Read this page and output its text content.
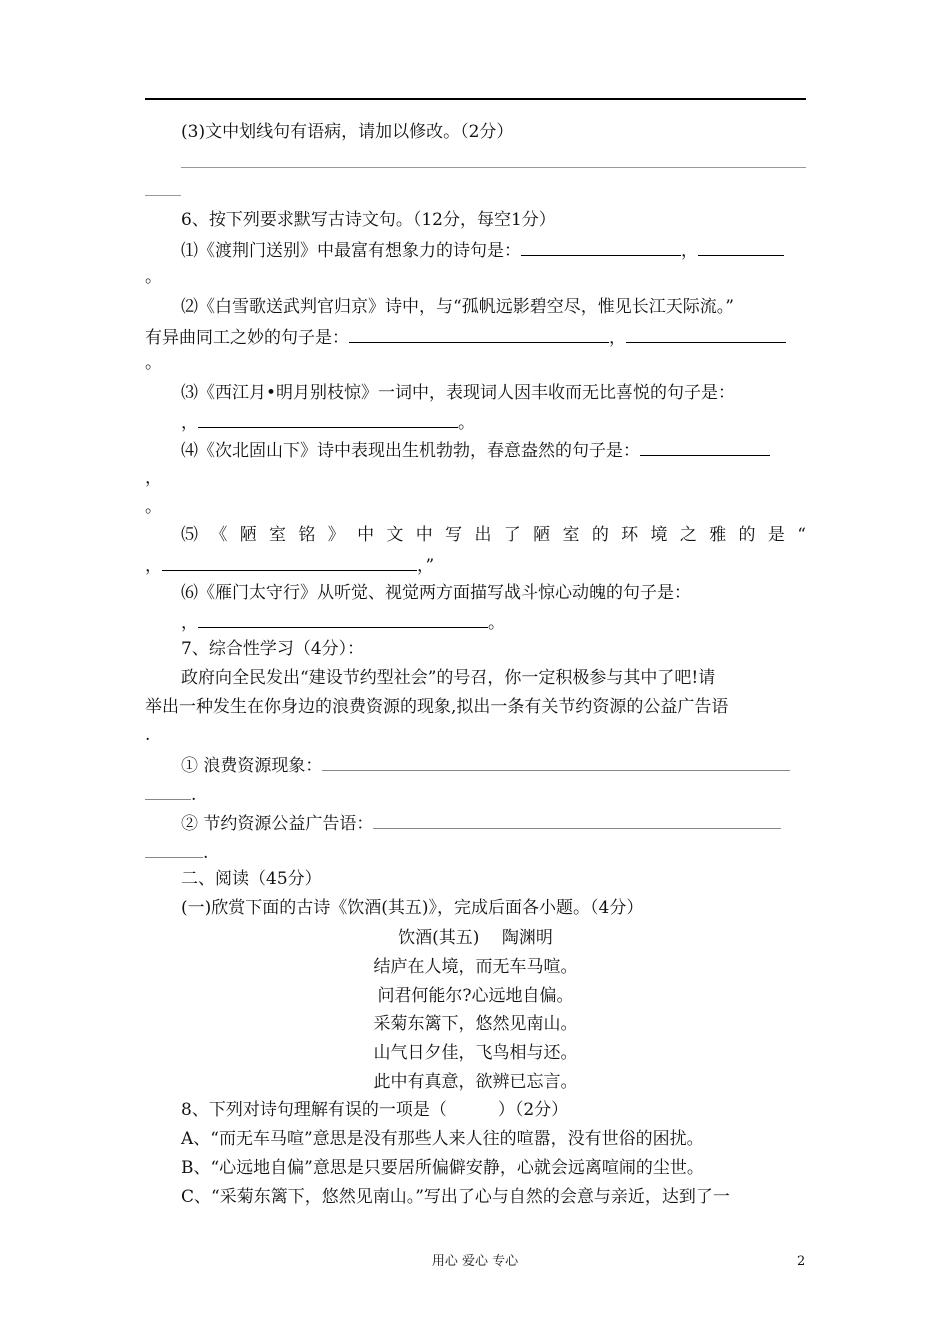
(3)文中划线句有语病，请加以修改。（2分）
6、按下列要求默写古诗文句。（12分，每空1分）
⑴《渡荆门送别》中最富有想象力的诗句是：	，
。
⑵《白雪歌送武判官归京》诗中，与“孤帆远影碧空尽，惟见长江天际流。”
有异曲同工之妙的句子是：	，
。
⑶《西江月•明月别枝惊》一词中，表现词人因丰收而无比喜悦的句子是：
，	。
⑷《次北固山下》诗中表现出生机勃勃，春意盎然的句子是：
，
。
⑸ 《 陋 室 铭 》 中 文 中 写 出 了 陋 室 的 环 境 之 雅 的 是 “
，	，”
⑹《雁门太守行》从听觉、视觉两方面描写战斗惊心动魄的句子是：
，	。
7、综合性学习（4分）：
政府向全民发出“建设节约型社会”的号召，你一定积极参与其中了吧!请
举出一种发生在你身边的浪费资源的现象,拟出一条有关节约资源的公益广告语
.
① 浪费资源现象：
.
② 节约资源公益广告语：
.
二、阅读（45分）
(一)欣赏下面的古诗《饮酒(其五)》，完成后面各小题。（4分）
饮酒(其五)　 陶渊明
结庐在人境，而无车马喧。
问君何能尔?心远地自偏。
采菊东篱下，悠然见南山。
山气日夕佳，飞鸟相与还。
此中有真意，欲辨已忘言。
8、下列对诗句理解有误的一项是（　　　）（2分）
A、“而无车马喧”意思是没有那些人来人往的喧嚣，没有世俗的困扰。
B、“心远地自偏”意思是只要居所偏僻安静，心就会远离喧闹的尘世。
C、“采菊东篱下，悠然见南山。”写出了心与自然的会意与亲近，达到了一
用心 爱心 专心	2
